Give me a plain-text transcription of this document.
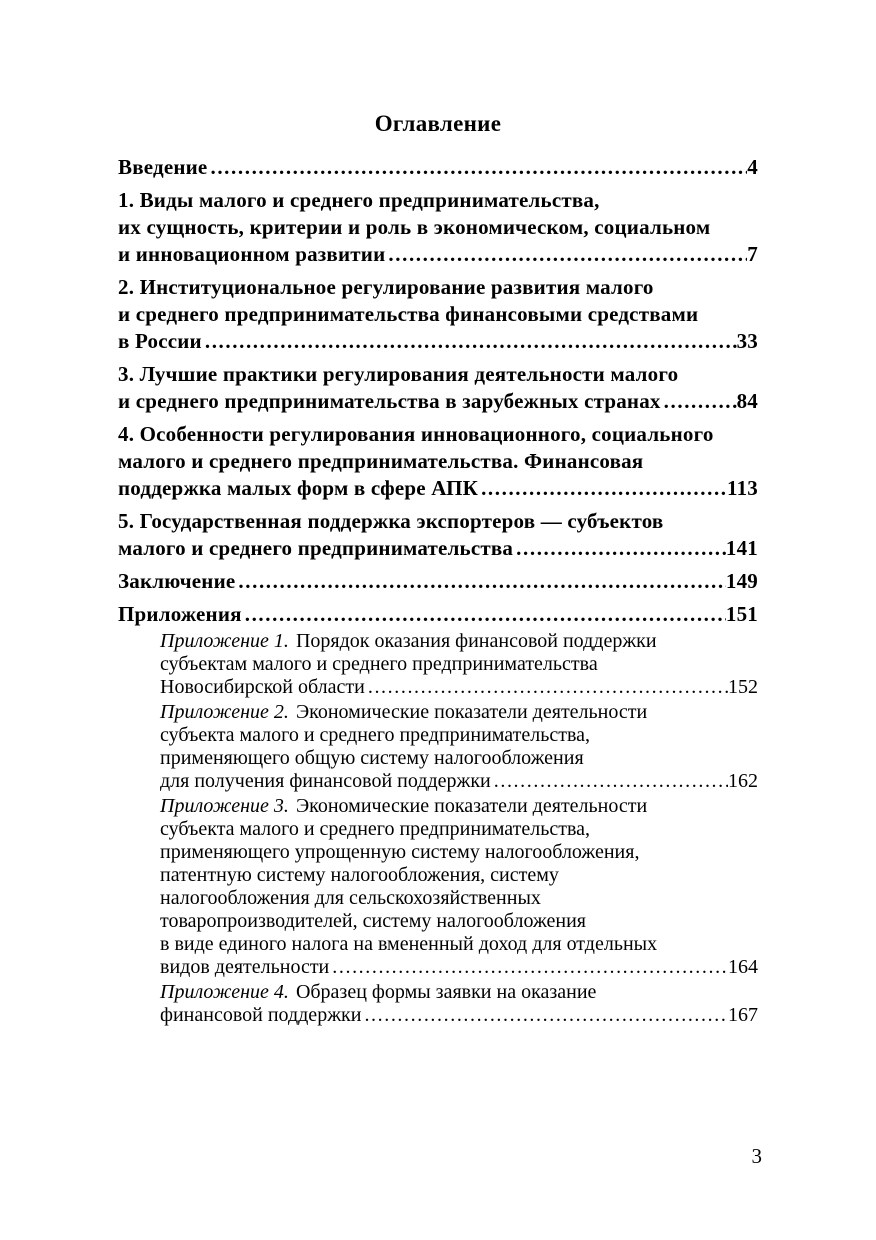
Оглавление
Введение .....	4
1. Виды малого и среднего предпринимательства,
их сущность, критерии и роль в экономическом, социальном
и инновационном развитии .....	7
2. Институциональное регулирование развития малого
и среднего предпринимательства финансовыми средствами
в России .....	33
3. Лучшие практики регулирования деятельности малого
и среднего предпринимательства в зарубежных странах .....	84
4. Особенности регулирования инновационного, социального
малого и среднего предпринимательства. Финансовая
поддержка малых форм в сфере АПК .....	113
5. Государственная поддержка экспортеров — субъектов
малого и среднего предпринимательства .....	141
Заключение .....	149
Приложения .....	151
Приложение 1. Порядок оказания финансовой поддержки
субъектам малого и среднего предпринимательства
Новосибирской области .....	152
Приложение 2. Экономические показатели деятельности
субъекта малого и среднего предпринимательства,
применяющего общую систему налогообложения
для получения финансовой поддержки .....	162
Приложение 3. Экономические показатели деятельности
субъекта малого и среднего предпринимательства,
применяющего упрощенную систему налогообложения,
патентную систему налогообложения, систему
налогообложения для сельскохозяйственных
товаропроизводителей, систему налогообложения
в виде единого налога на вмененный доход для отдельных
видов деятельности .....	164
Приложение 4. Образец формы заявки на оказание
финансовой поддержки .....	167
3
